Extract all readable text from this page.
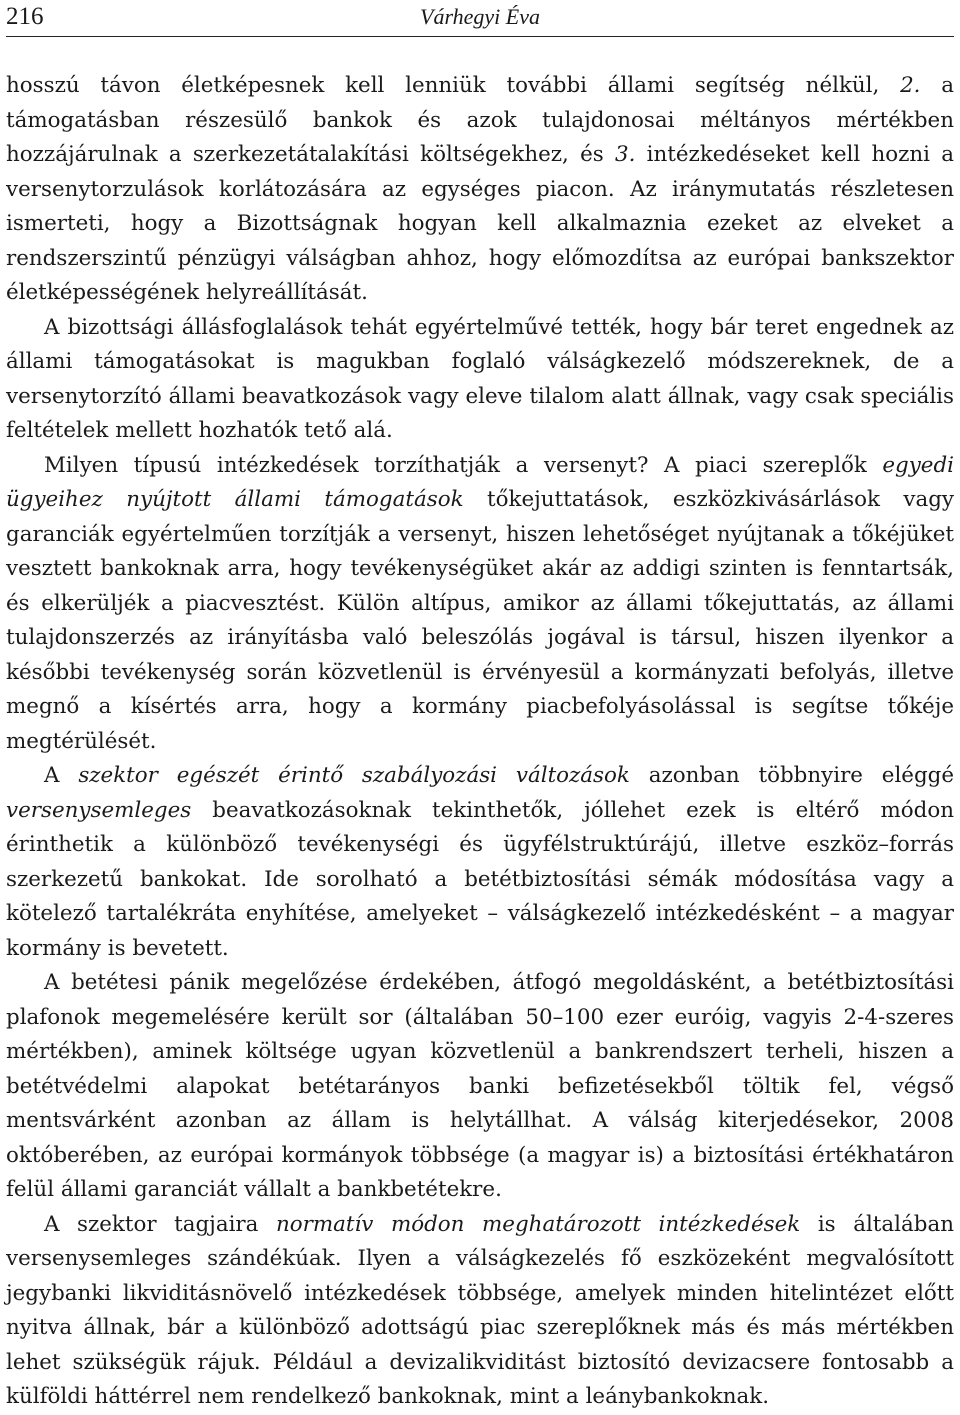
216	Várhegyi Éva

hosszú távon életképesnek kell lenniük további állami segítség nélkül, 2. a támogatásban részesülő bankok és azok tulajdonosai méltányos mértékben hozzájárulnak a szerkezetátalakítási költségekhez, és 3. intézkedéseket kell hozni a versenytorzulások korlátozására az egységes piacon. Az iránymutatás részletesen ismerteti, hogy a Bizottságnak hogyan kell alkalmaznia ezeket az elveket a rendszerszintű pénzügyi válságban ahhoz, hogy előmozdítsa az európai bankszektor életképességének helyreállítását.

A bizottsági állásfoglalások tehát egyértelművé tették, hogy bár teret engednek az állami támogatásokat is magukban foglaló válságkezelő módszereknek, de a versenytorzító állami beavatkozások vagy eleve tilalom alatt állnak, vagy csak speciális feltételek mellett hozhatók tető alá.

Milyen típusú intézkedések torzíthatják a versenyt? A piaci szereplők egyedi ügyeihez nyújtott állami támogatások tőkejuttatások, eszközkivásárlások vagy garanciák egyértelműen torzítják a versenyt, hiszen lehetőséget nyújtanak a tőkéjüket vesztett bankoknak arra, hogy tevékenységüket akár az addigi szinten is fenntartsák, és elkerüljék a piacvesztést. Külön altípus, amikor az állami tőkejuttatás, az állami tulajdonszerzés az irányításba való beleszólás jogával is társul, hiszen ilyenkor a későbbi tevékenység során közvetlenül is érvényesül a kormányzati befolyás, illetve megnő a kísértés arra, hogy a kormány piacbefolyásolással is segítse tőkéje megtérülését.

A szektor egészét érintő szabályozási változások azonban többnyire eléggé versenysemleges beavatkozásoknak tekinthetők, jóllehet ezek is eltérő módon érinthetik a különböző tevékenységi és ügyfélstruktúrájú, illetve eszköz–forrás szerkezetű bankokat. Ide sorolható a betétbiztosítási sémák módosítása vagy a kötelező tartalékráta enyhítése, amelyeket – válságkezelő intézkedésként – a magyar kormány is bevetett.

A betétesi pánik megelőzése érdekében, átfogó megoldásként, a betétbiztosítási plafonok megemelésére került sor (általában 50–100 ezer euróig, vagyis 2-4-szeres mértékben), aminek költsége ugyan közvetlenül a bankrendszert terheli, hiszen a betétvédelmi alapokat betétarányos banki befizetésekből töltik fel, végső mentsvárként azonban az állam is helytállhat. A válság kiterjedésekor, 2008 októberében, az európai kormányok többsége (a magyar is) a biztosítási értékhatáron felül állami garanciát vállalt a bankbetétekre.

A szektor tagjaira normatív módon meghatározott intézkedések is általában versenysemleges szándékúak. Ilyen a válságkezelés fő eszközeként megvalósított jegybanki likviditásnövelő intézkedések többsége, amelyek minden hitelintézet előtt nyitva állnak, bár a különböző adottságú piac szereplőknek más és más mértékben lehet szükségük rájuk. Például a devizalikviditást biztosító devizacsere fontosabb a külföldi háttérrel nem rendelkező bankoknak, mint a leánybankoknak.
